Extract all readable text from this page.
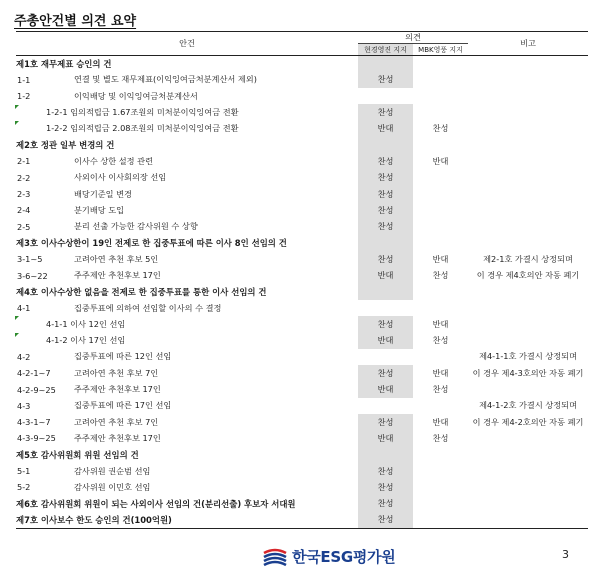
주총안건별 의견 요약
안건		의견		비고
		현경영진 지지	MBK영풍 지지	
제1호 재무제표 승인의 건				
1-1	연결 및 별도 재무제표(이익잉여금처분계산서 제외)	찬성		
1-2	이익배당 및 이익잉여금처분계산서			
	1-2-1 임의적립금 1.67조원의 미처분이익잉여금 전환	찬성		
	1-2-2 임의적립금 2.08조원의 미처분이익잉여금 전환	반대	찬성	
제2호 정관 일부 변경의 건				
2-1	이사수 상한 설정 관련	찬성	반대	
2-2	사외이사 이사회의장 선임	찬성		
2-3	배당기준일 변경	찬성		
2-4	분기배당 도입	찬성		
2-5	분리 선출 가능한 감사위원 수 상향	찬성		
제3호 이사수상한이 19인 전제로 한 집중투표에 따른 이사 8인 선임의 건				
3-1~5	고려아연 추천 후보 5인	찬성	반대	제2-1호 가결시 상정되며
3-6~22	주주제안 추천후보 17인	반대	찬성	이 경우 제4호의안 자동 폐기
제4호 이사수상한 없음을 전제로 한 집중투표를 통한 이사 선임의 건				
4-1	집중투표에 의하여 선임할 이사의 수 결정			
	4-1-1 이사 12인 선임	찬성	반대	
	4-1-2 이사 17인 선임	반대	찬성	
4-2	집중투표에 따른 12인 선임			제4-1-1호 가결시 상정되며
4-2-1~7	고려아연 추천 후보 7인	찬성	반대	이 경우 제4-3호의안 자동 폐기
4-2-9~25	주주제안 추천후보 17인	반대	찬성	
4-3	집중투표에 따른 17인 선임			제4-1-2호 가결시 상정되며
4-3-1~7	고려아연 추천 후보 7인	찬성	반대	이 경우 제4-2호의안 자동 폐기
4-3-9~25	주주제안 추천후보 17인	반대	찬성	
제5호 감사위원회 위원 선임의 건				
5-1	감사위원 권순범 선임	찬성		
5-2	감사위원 이민호 선임	찬성		
제6호 감사위원회 위원이 되는 사외이사 선임의 건(분리선출) 후보자 서대원		찬성		
제7호 이사보수 한도 승인의 건(100억원)		찬성		
한국ESG평가원	3
